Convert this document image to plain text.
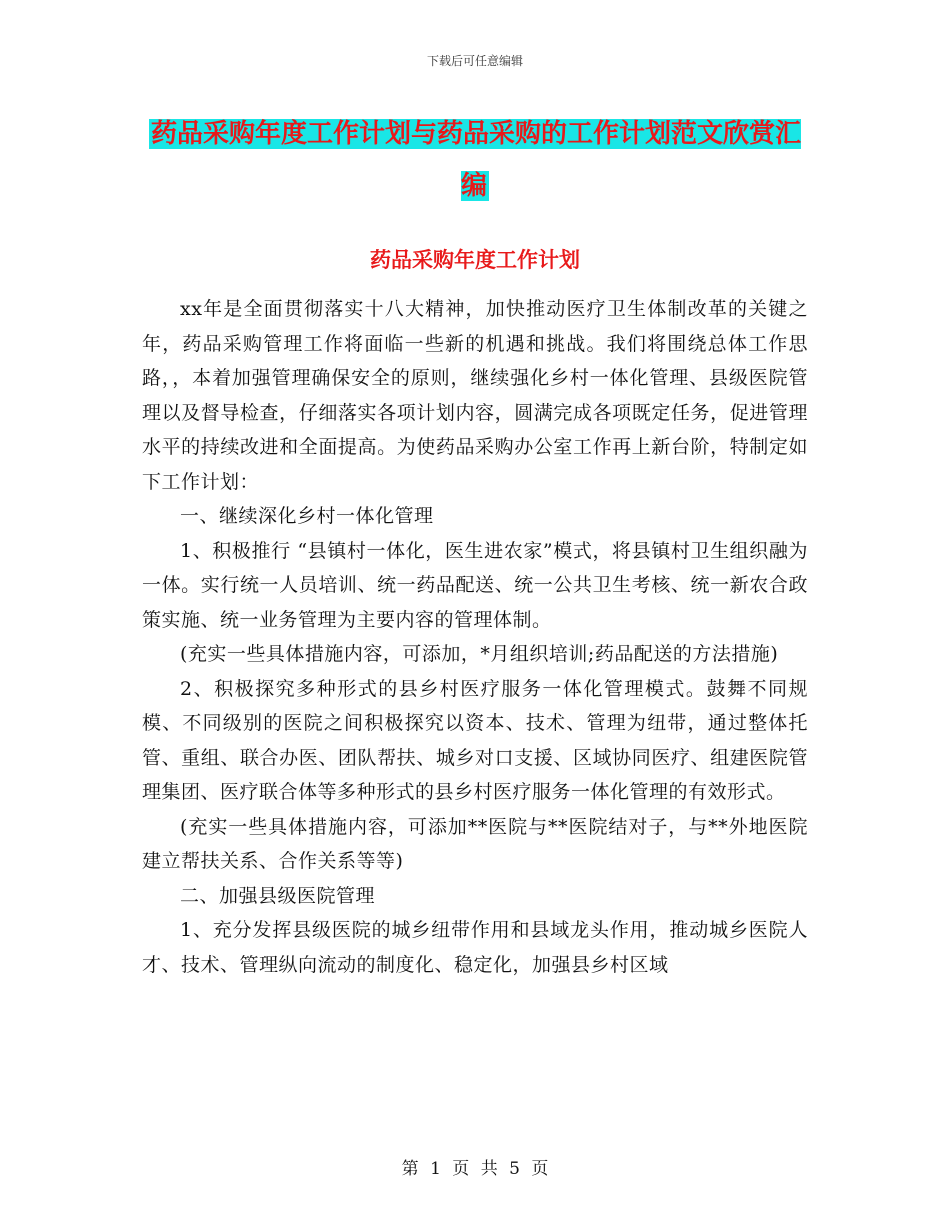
下载后可任意编辑
药品采购年度工作计划与药品采购的工作计划范文欣赏汇编
药品采购年度工作计划

xx年是全面贯彻落实十八大精神，加快推动医疗卫生体制改革的关键之年，药品采购管理工作将面临一些新的机遇和挑战。我们将围绕总体工作思路，，本着加强管理确保安全的原则，继续强化乡村一体化管理、县级医院管理以及督导检查，仔细落实各项计划内容，圆满完成各项既定任务，促进管理水平的持续改进和全面提高。为使药品采购办公室工作再上新台阶，特制定如下工作计划：

一、继续深化乡村一体化管理

1、积极推行 “县镇村一体化，医生进农家”模式，将县镇村卫生组织融为一体。实行统一人员培训、统一药品配送、统一公共卫生考核、统一新农合政策实施、统一业务管理为主要内容的管理体制。

(充实一些具体措施内容，可添加，*月组织培训;药品配送的方法措施)

2、积极探究多种形式的县乡村医疗服务一体化管理模式。鼓舞不同规模、不同级别的医院之间积极探究以资本、技术、管理为纽带，通过整体托管、重组、联合办医、团队帮扶、城乡对口支援、区域协同医疗、组建医院管理集团、医疗联合体等多种形式的县乡村医疗服务一体化管理的有效形式。

(充实一些具体措施内容，可添加**医院与**医院结对子，与**外地医院建立帮扶关系、合作关系等等)

二、加强县级医院管理

1、充分发挥县级医院的城乡纽带作用和县域龙头作用，推动城乡医院人才、技术、管理纵向流动的制度化、稳定化，加强县乡村区域

第 1 页 共 5 页
